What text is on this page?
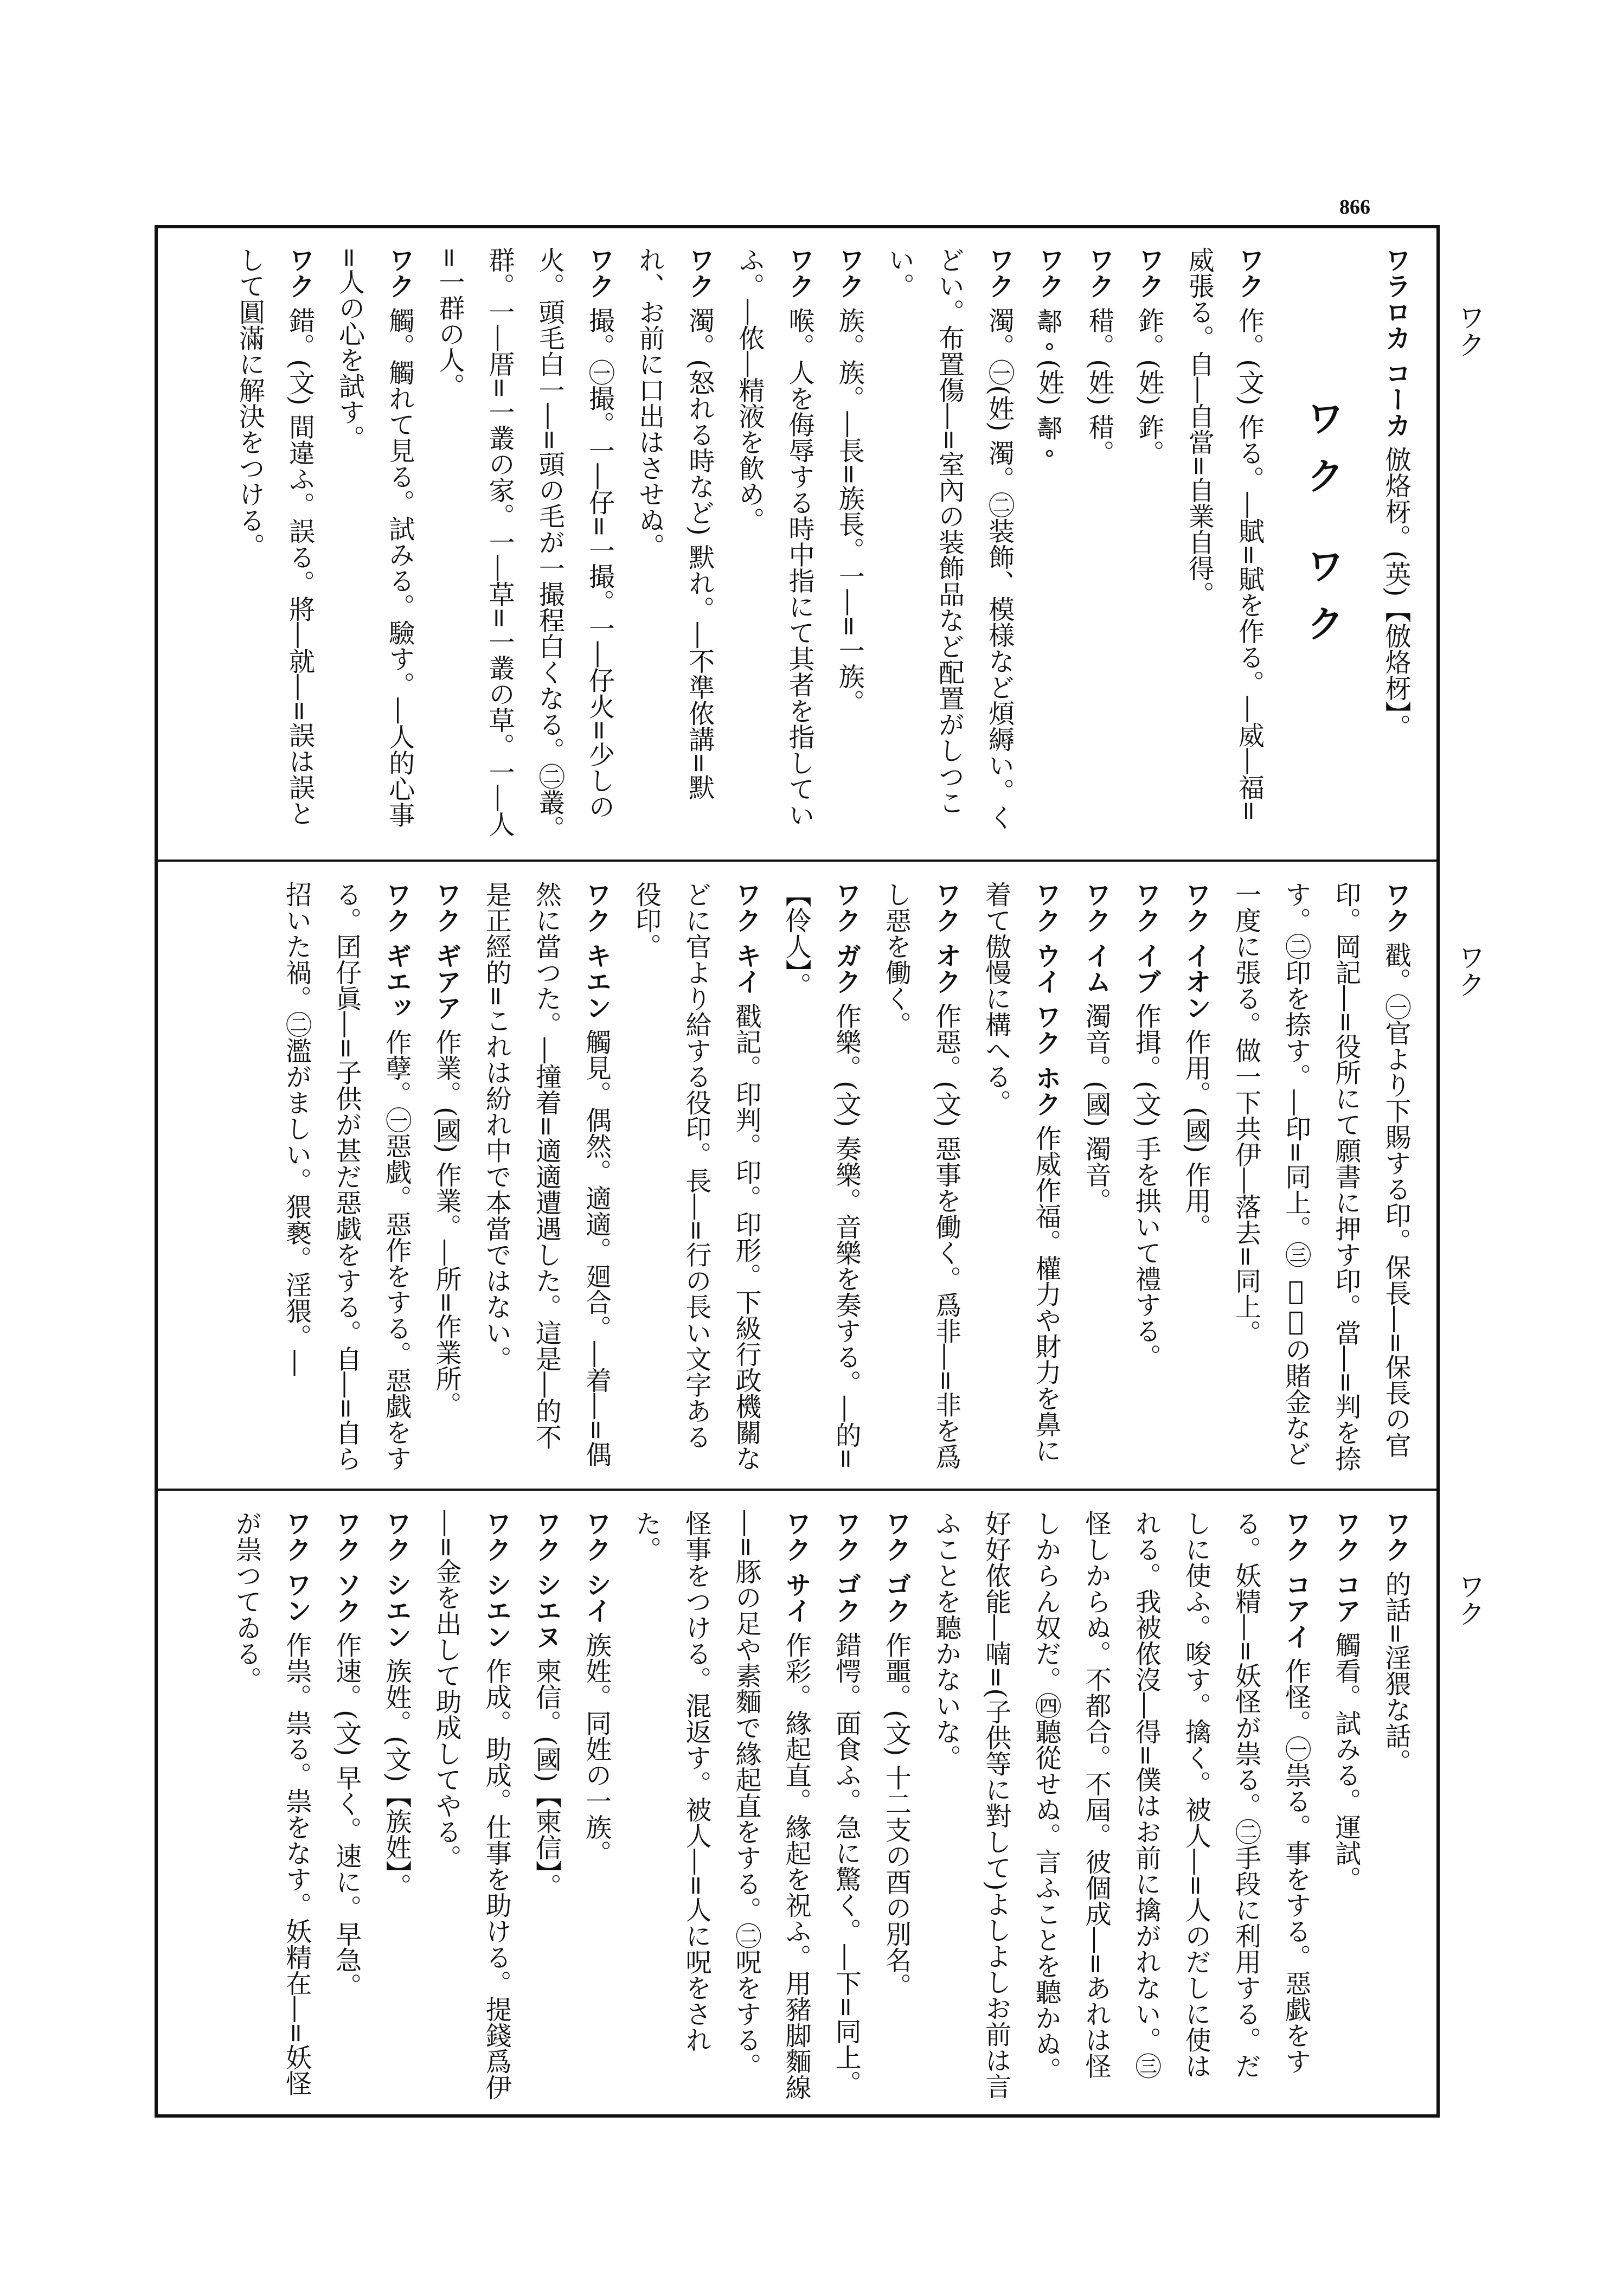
866
ワク
ワク
ワク
ワラロカ コーカ 倣烙枒。(英)【倣烙枒】。
ワク ワク
ワク 作。(文) 作る。―賦=賦を作る。―威―福=威張る。自―自當=自業自得。
ワク 鈼。(姓) 鈼。
ワク 稓。(姓) 稓。
ワク 𨞪。(姓) 𨞪。
ワク 濁。㊀(姓) 濁。㊁装飾、模様など煩縟い。くどい。布置傷―=室內の装飾品など配置がしつこい。
ワク 族。族。―長=族長。一―=一族。
ワク 喉。人を侮辱する時中指にて其者を指していふ。―侬―精液を飮め。
ワク 濁。(怒れる時など) 默れ。―不準侬講=默れ、お前に口出はさせぬ。
ワク 撮。㊀撮。一―仔=一撮。一―仔火=少しの火。頭毛白一―=頭の毛が一撮程白くなる。㊁叢。群。一―厝=一叢の家。一―草=一叢の草。一―人=一群の人。
ワク 觸。觸れて見る。試みる。驗す。―人的心事=人の心を試す。
ワク 錯。(文) 間違ふ。誤る。將―就―=誤は誤として圓滿に解決をつける。
ワク 戳。㊀官より下賜する印。保長―=保長の官印。岡記―=役所にて願書に押す印。當―=判を捺す。㊁印を捺す。―印=同上。㊂ 𢷄博の賭金など一度に張る。做一下共伊―落去=同上。
ワク イオン 作用。(國) 作用。
ワク イブ 作揖。(文) 手を拱いて禮する。
ワク イム 濁音。(國) 濁音。
ワク ウイ ワク ホク 作威作福。權力や財力を鼻に着て傲慢に構へる。
ワク オク 作惡。(文) 惡事を働く。爲非―=非を爲し惡を働く。
ワク ガク 作樂。(文) 奏樂。音樂を奏する。―的=【伶人】。
ワク キイ 戳記。印判。印。印形。下級行政機關などに官より給する役印。長―=行の長い文字ある役印。
ワク キエン 觸見。偶然。適適。廻合。―着―=偶然に當つた。―撞着=適適遭遇した。這是―的不是正經的=これは紛れ中で本當ではない。
ワク ギアア 作業。(國) 作業。―所=作業所。
ワク ギエッ 作孽。㊀惡戯。惡作をする。惡戯をする。囝仔眞―=子供が甚だ惡戯をする。自―=自ら招いた禍。㊁濫がましい。猥褻。淫猥。―
ワク 的話=淫猥な話。
ワク コア 觸看。試みる。運試。
ワク コアイ 作怪。㊀祟る。事をする。惡戯をする。妖精―=妖怪が祟る。㊁手段に利用する。だしに使ふ。唆す。擒く。被人―=人のだしに使はれる。我被侬沒―得=僕はお前に擒がれない。㊂怪しからぬ。不都合。不屆。彼個成―=あれは怪しからん奴だ。㊃聽從せぬ。言ふことを聽かぬ。好好侬能―喃=(子供等に對して)よしよしお前は言ふことを聽かないな。
ワク ゴク 作噩。(文) 十二支の酉の別名。
ワク ゴク 錯愕。面食ふ。急に驚く。―下=同上。
ワク サイ 作彩。緣起直。緣起を祝ふ。用豬脚麵線―=豚の足や素麵で緣起直をする。㊁呪をする。怪事をつける。混返す。被人―=人に呪をされた。
ワク シイ 族姓。同姓の一族。
ワク シエヌ 柬信。(國)【柬信】。
ワク シエン 作成。助成。仕事を助ける。提錢爲伊―=金を出して助成してやる。
ワク シエン 族姓。(文)【族姓】。
ワク ソク 作速。(文) 早く。速に。早急。
ワク ワン 作祟。祟る。祟をなす。妖精在―=妖怪が祟つてゐる。
